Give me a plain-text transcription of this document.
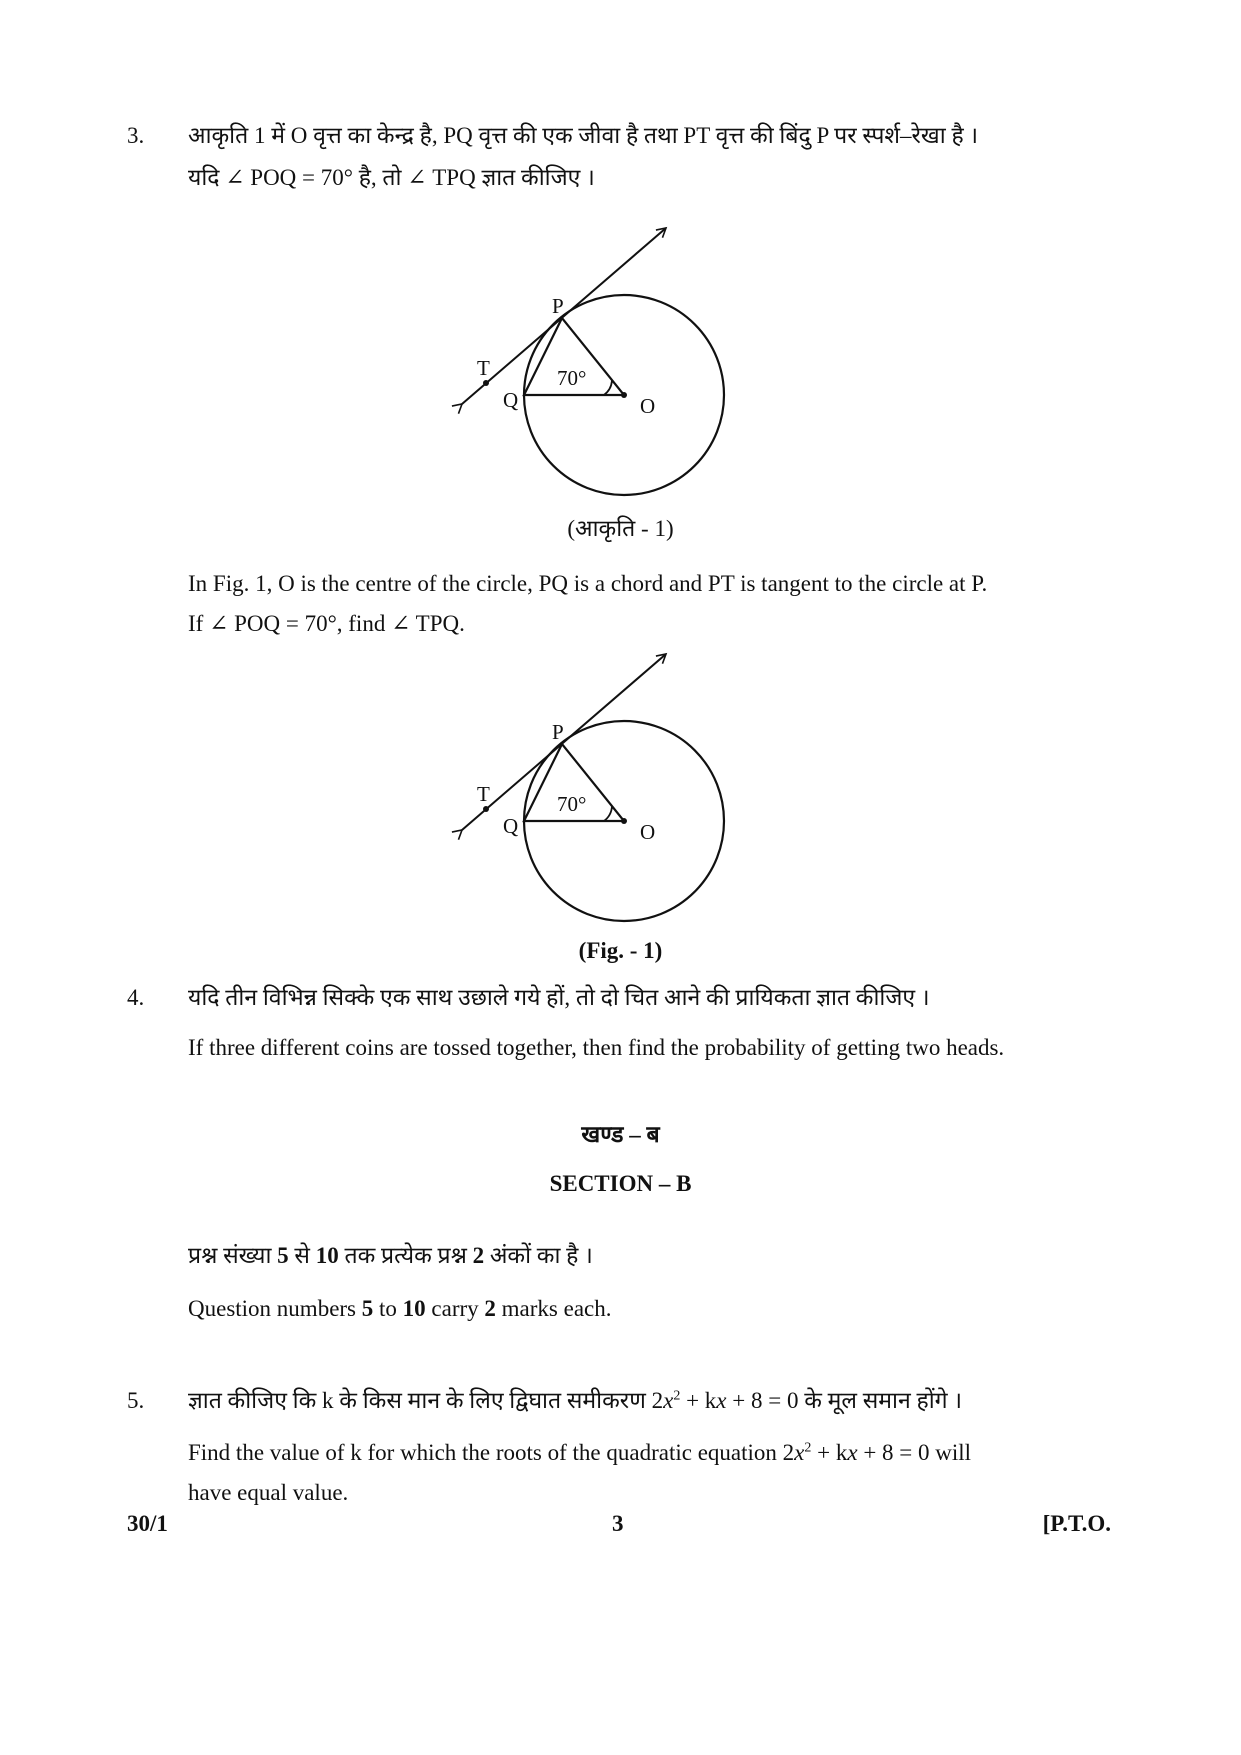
3. आकृति 1 में O वृत्त का केन्द्र है, PQ वृत्त की एक जीवा है तथा PT वृत्त की बिंदु P पर स्पर्श–रेखा है ।
यदि ∠ POQ = 70° है, तो ∠ TPQ ज्ञात कीजिए ।
P
Q
T
O
70°
P
Q
T
O
70°
(आकृति - 1)
In Fig. 1, O is the centre of the circle, PQ is a chord and PT is tangent to the circle at P.
If ∠ POQ = 70°, find ∠ TPQ.
(Fig. - 1)
4. यदि तीन विभिन्न सिक्के एक साथ उछाले गये हों, तो दो चित आने की प्रायिकता ज्ञात कीजिए ।
If three different coins are tossed together, then find the probability of getting two heads.
खण्ड – ब
SECTION – B
प्रश्न संख्या 5 से 10 तक प्रत्येक प्रश्न 2 अंकों का है ।
Question numbers 5 to 10 carry 2 marks each.
5. ज्ञात कीजिए कि k के किस मान के लिए द्विघात समीकरण $2x^2$ + kx + 8 = 0 के मूल समान होंगे ।
Find the value of k for which the roots of the quadratic equation $2x^2$ + kx + 8 = 0 will
have equal value.
30/1	3	[P.T.O.
